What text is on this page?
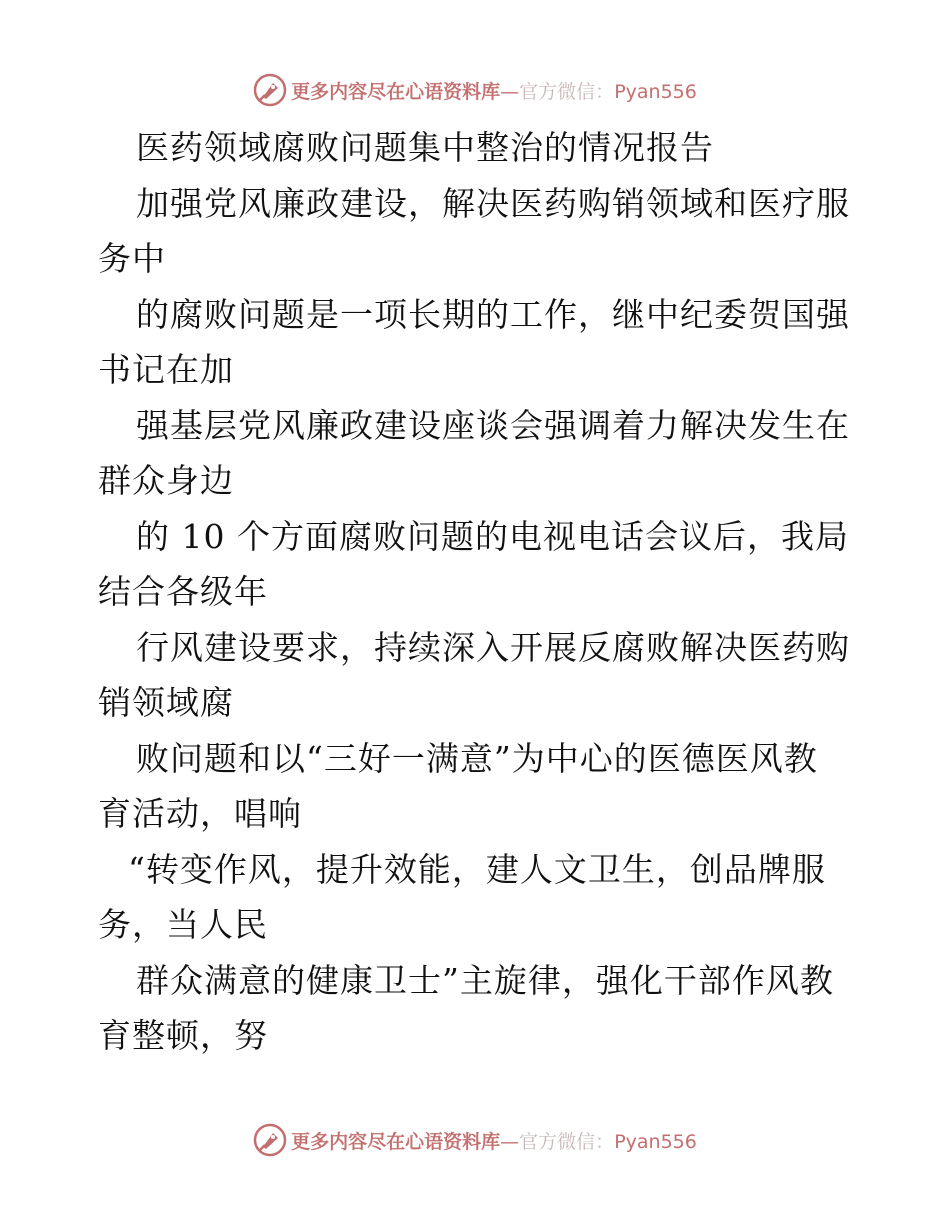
更多内容尽在心语资料库—官方微信：Pyan556
医药领域腐败问题集中整治的情况报告
加强党风廉政建设，解决医药购销领域和医疗服
务中
的腐败问题是一项长期的工作，继中纪委贺国强
书记在加
强基层党风廉政建设座谈会强调着力解决发生在
群众身边
的 10 个方面腐败问题的电视电话会议后，我局
结合各级年
行风建设要求，持续深入开展反腐败解决医药购
销领域腐
败问题和以“三好一满意”为中心的医德医风教
育活动，唱响
“转变作风，提升效能，建人文卫生，创品牌服
务，当人民
群众满意的健康卫士”主旋律，强化干部作风教
育整顿，努
更多内容尽在心语资料库—官方微信：Pyan556
